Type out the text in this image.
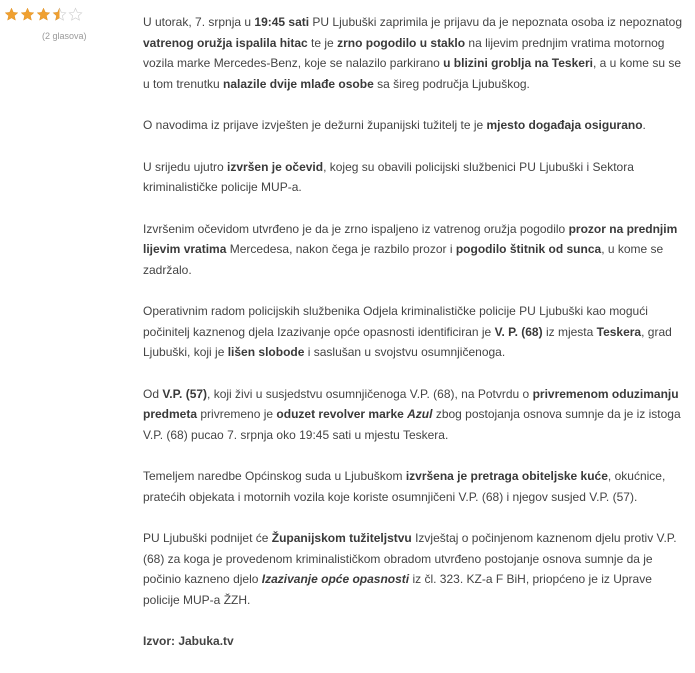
(2 glasova)

U utorak, 7. srpnja u 19:45 sati PU Ljubuški zaprimila je prijavu da je nepoznata osoba iz nepoznatog vatrenog oružja ispalila hitac te je zrno pogodilo u staklo na lijevim prednjim vratima motornog vozila marke Mercedes-Benz, koje se nalazilo parkirano u blizini groblja na Teskeri, a u kome su se u tom trenutku nalazile dvije mlađe osobe sa šireg područja Ljubuškog.

O navodima iz prijave izvješten je dežurni županijski tužitelj te je mjesto događaja osigurano.

U srijedu ujutro izvršen je očevid, kojeg su obavili policijski službenici PU Ljubuški i Sektora kriminalističke policije MUP-a.

Izvršenim očevidom utvrđeno je da je zrno ispaljeno iz vatrenog oružja pogodilo prozor na prednjim lijevim vratima Mercedesa, nakon čega je razbilo prozor i pogodilo štitnik od sunca, u kome se zadržalo.

Operativnim radom policijskih službenika Odjela kriminalističke policije PU Ljubuški kao mogući počinitelj kaznenog djela Izazivanje opće opasnosti identificiran je V. P. (68) iz mjesta Teskera, grad Ljubuški, koji je lišen slobode i saslušan u svojstvu osumnjičenoga.

Od V.P. (57), koji živi u susjedstvu osumnjičenoga V.P. (68), na Potvrdu o privremenom oduzimanju predmeta privremeno je oduzet revolver marke Azul zbog postojanja osnova sumnje da je iz istoga V.P. (68) pucao 7. srpnja oko 19:45 sati u mjestu Teskera.

Temeljem naredbe Općinskog suda u Ljubuškom izvršena je pretraga obiteljske kuće, okućnice, pratećih objekata i motornih vozila koje koriste osumnjičeni V.P. (68) i njegov susjed V.P. (57).

PU Ljubuški podnijet će Županijskom tužiteljstvu Izvještaj o počinjenom kaznenom djelu protiv V.P. (68) za koga je provedenom kriminalističkom obradom utvrđeno postojanje osnova sumnje da je počinio kazneno djelo Izazivanje opće opasnosti iz čl. 323. KZ-a F BiH, priopćeno je iz Uprave policije MUP-a ŽZH.

Izvor: Jabuka.tv
